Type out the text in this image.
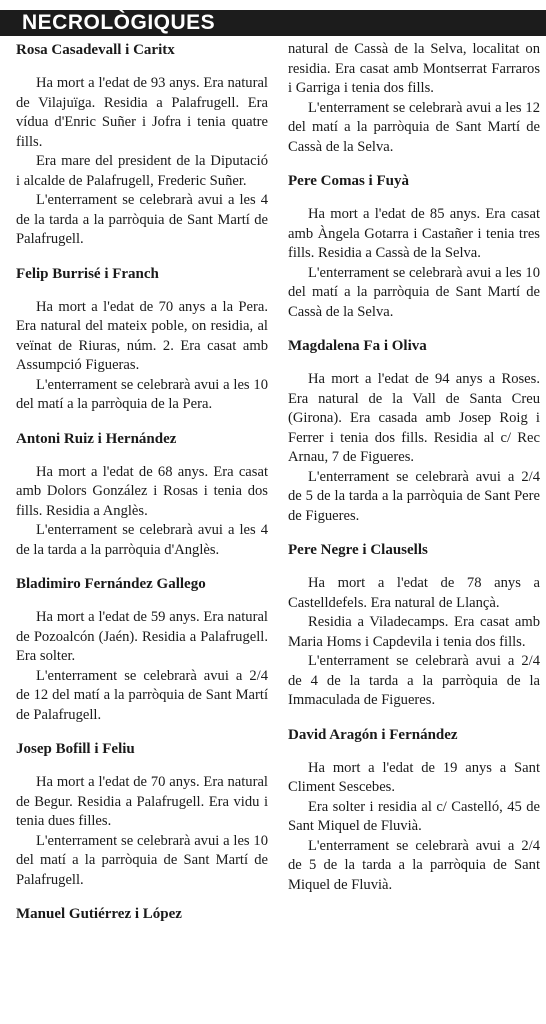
NECROLÒGIQUES

Rosa Casadevall i Caritx

Ha mort a l'edat de 93 anys. Era natural de Vilajuïga. Residia a Palafrugell. Era vídua d'Enric Suñer i Jofra i tenia quatre fills.

Era mare del president de la Diputació i alcalde de Palafrugell, Frederic Suñer.

L'enterrament se celebrarà avui a les 4 de la tarda a la parròquia de Sant Martí de Palafrugell.

Felip Burrisé i Franch

Ha mort a l'edat de 70 anys a la Pera. Era natural del mateix poble, on residia, al veïnat de Riuras, núm. 2. Era casat amb Assumpció Figueras.

L'enterrament se celebrarà avui a les 10 del matí a la parròquia de la Pera.

Antoni Ruiz i Hernández

Ha mort a l'edat de 68 anys. Era casat amb Dolors González i Rosas i tenia dos fills. Residia a Anglès.

L'enterrament se celebrarà avui a les 4 de la tarda a la parròquia d'Anglès.

Bladimiro Fernández Gallego

Ha mort a l'edat de 59 anys. Era natural de Pozoalcón (Jaén). Residia a Palafrugell. Era solter.

L'enterrament se celebrarà avui a 2/4 de 12 del matí a la parròquia de Sant Martí de Palafrugell.

Josep Bofill i Feliu

Ha mort a l'edat de 70 anys. Era natural de Begur. Residia a Palafrugell. Era vidu i tenia dues filles.

L'enterrament se celebrarà avui a les 10 del matí a la parròquia de Sant Martí de Palafrugell.

Manuel Gutiérrez i López

natural de Cassà de la Selva, localitat on residia. Era casat amb Montserrat Farraros i Garriga i tenia dos fills.

L'enterrament se celebrarà avui a les 12 del matí a la parròquia de Sant Martí de Cassà de la Selva.

Pere Comas i Fuyà

Ha mort a l'edat de 85 anys. Era casat amb Àngela Gotarra i Castañer i tenia tres fills. Residia a Cassà de la Selva.

L'enterrament se celebrarà avui a les 10 del matí a la parròquia de Sant Martí de Cassà de la Selva.

Magdalena Fa i Oliva

Ha mort a l'edat de 94 anys a Roses. Era natural de la Vall de Santa Creu (Girona). Era casada amb Josep Roig i Ferrer i tenia dos fills. Residia al c/ Rec Arnau, 7 de Figueres.

L'enterrament se celebrarà avui a 2/4 de 5 de la tarda a la parròquia de Sant Pere de Figueres.

Pere Negre i Clausells

Ha mort a l'edat de 78 anys a Castelldefels. Era natural de Llançà.

Residia a Viladecamps. Era casat amb Maria Homs i Capdevila i tenia dos fills.

L'enterrament se celebrarà avui a 2/4 de 4 de la tarda a la parròquia de la Immaculada de Figueres.

David Aragón i Fernández

Ha mort a l'edat de 19 anys a Sant Climent Sescebes.

Era solter i residia al c/ Castelló, 45 de Sant Miquel de Fluvià.

L'enterrament se celebrarà avui a 2/4 de 5 de la tarda a la parròquia de Sant Miquel de Fluvià.
